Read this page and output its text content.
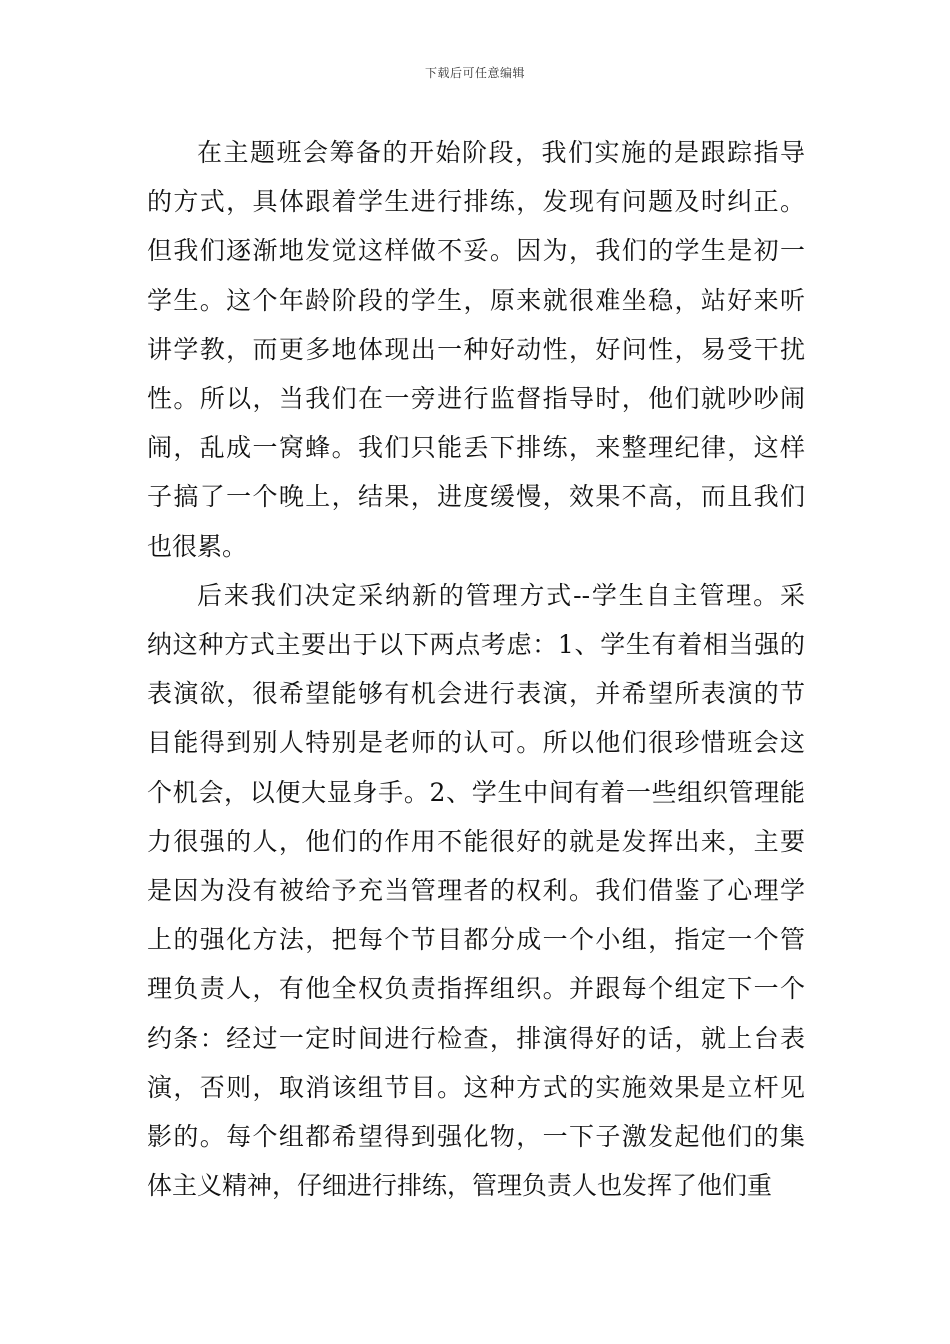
下载后可任意编辑
在主题班会筹备的开始阶段，我们实施的是跟踪指导
的方式，具体跟着学生进行排练，发现有问题及时纠正。
但我们逐渐地发觉这样做不妥。因为，我们的学生是初一
学生。这个年龄阶段的学生，原来就很难坐稳，站好来听
讲学教，而更多地体现出一种好动性，好问性，易受干扰
性。所以，当我们在一旁进行监督指导时，他们就吵吵闹
闹，乱成一窝蜂。我们只能丢下排练，来整理纪律，这样
子搞了一个晚上，结果，进度缓慢，效果不高，而且我们
也很累。
后来我们决定采纳新的管理方式--学生自主管理。采
纳这种方式主要出于以下两点考虑：1、学生有着相当强的
表演欲，很希望能够有机会进行表演，并希望所表演的节
目能得到别人特别是老师的认可。所以他们很珍惜班会这
个机会，以便大显身手。2、学生中间有着一些组织管理能
力很强的人，他们的作用不能很好的就是发挥出来，主要
是因为没有被给予充当管理者的权利。我们借鉴了心理学
上的强化方法，把每个节目都分成一个小组，指定一个管
理负责人，有他全权负责指挥组织。并跟每个组定下一个
约条：经过一定时间进行检查，排演得好的话，就上台表
演，否则，取消该组节目。这种方式的实施效果是立杆见
影的。每个组都希望得到强化物，一下子激发起他们的集
体主义精神，仔细进行排练，管理负责人也发挥了他们重
